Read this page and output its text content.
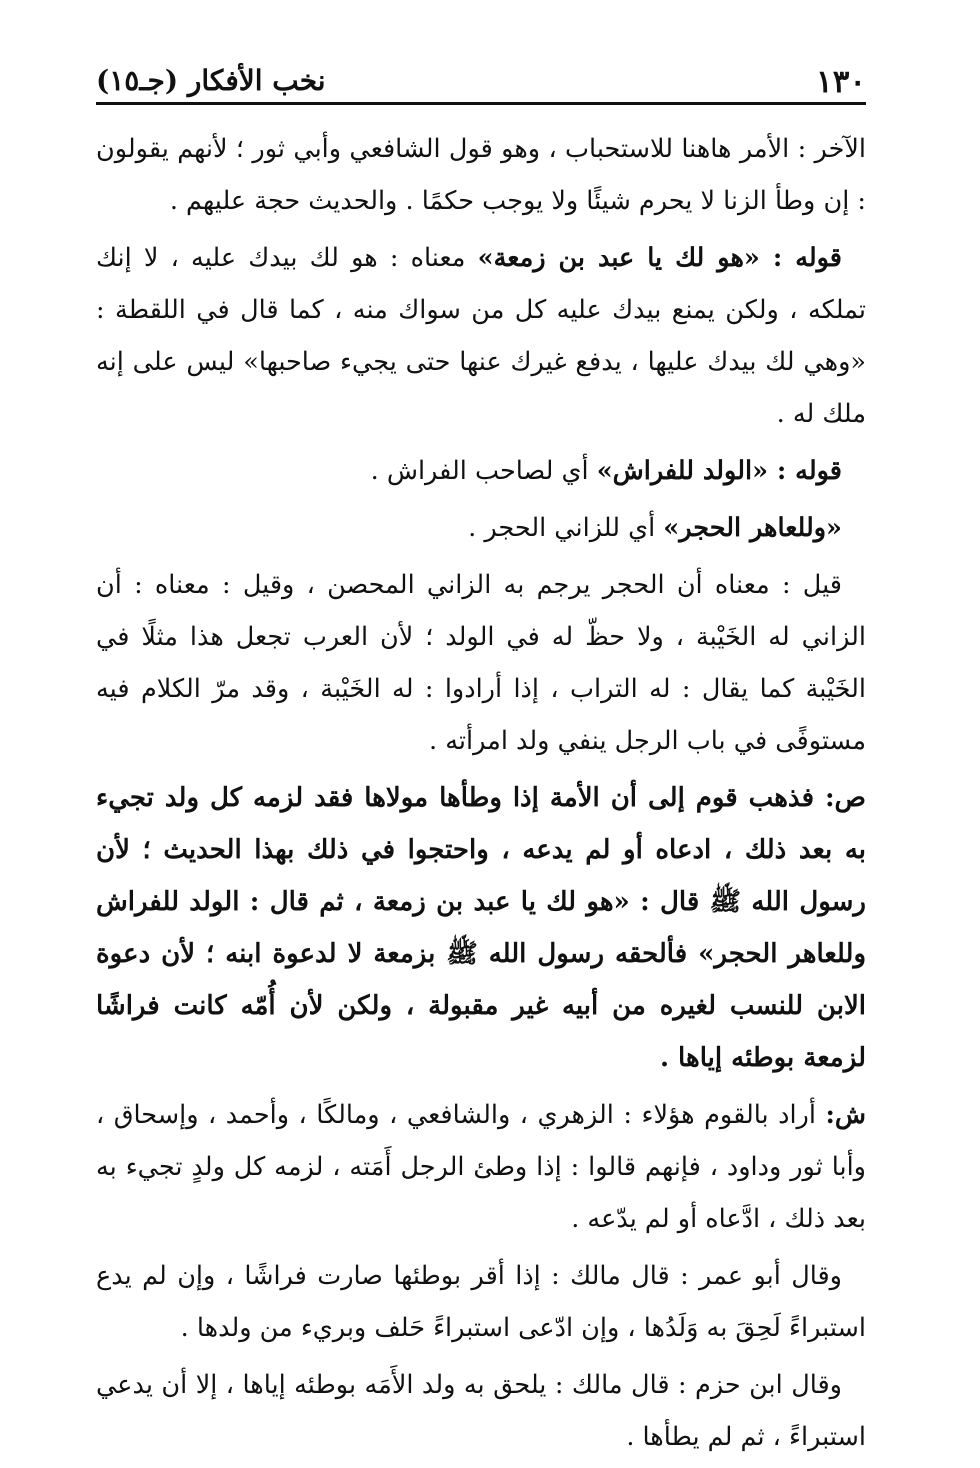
١٣٠
نخب الأفكار (جـ١٥)

الآخر : الأمر هاهنا للاستحباب ، وهو قول الشافعي وأبي ثور ؛ لأنهم يقولون : إن وطأ الزنا لا يحرم شيئًا ولا يوجب حكمًا . والحديث حجة عليهم .

قوله : «هو لك يا عبد بن زمعة» معناه : هو لك بيدك عليه ، لا إنك تملكه ، ولكن يمنع بيدك عليه كل من سواك منه ، كما قال في اللقطة : «وهي لك بيدك عليها ، يدفع غيرك عنها حتى يجيء صاحبها» ليس على إنه ملك له .

قوله : «الولد للفراش» أي لصاحب الفراش .

«وللعاهر الحجر» أي للزاني الحجر .

قيل : معناه أن الحجر يرجم به الزاني المحصن ، وقيل : معناه : أن الزاني له الخَيْبة ، ولا حظّ له في الولد ؛ لأن العرب تجعل هذا مثلًا في الخَيْبة كما يقال : له التراب ، إذا أرادوا : له الخَيْبة ، وقد مرّ الكلام فيه مستوفًى في باب الرجل ينفي ولد امرأته .

ص: فذهب قوم إلى أن الأمة إذا وطأها مولاها فقد لزمه كل ولد تجيء به بعد ذلك ، ادعاه أو لم يدعه ، واحتجوا في ذلك بهذا الحديث ؛ لأن رسول الله ﷺ قال : «هو لك يا عبد بن زمعة ، ثم قال : الولد للفراش وللعاهر الحجر» فألحقه رسول الله ﷺ بزمعة لا لدعوة ابنه ؛ لأن دعوة الابن للنسب لغيره من أبيه غير مقبولة ، ولكن لأن أُمّه كانت فراشًا لزمعة بوطئه إياها .

ش: أراد بالقوم هؤلاء : الزهري ، والشافعي ، ومالكًا ، وأحمد ، وإسحاق ، وأبا ثور وداود ، فإنهم قالوا : إذا وطئ الرجل أَمَته ، لزمه كل ولدٍ تجيء به بعد ذلك ، ادَّعاه أو لم يدّعه .

وقال أبو عمر : قال مالك : إذا أقر بوطئها صارت فراشًا ، وإن لم يدع استبراءً لَحِقَ به وَلَدُها ، وإن ادّعى استبراءً حَلف وبريء من ولدها .

وقال ابن حزم : قال مالك : يلحق به ولد الأَمَه بوطئه إياها ، إلا أن يدعي استبراءً ، ثم لم يطأها .
